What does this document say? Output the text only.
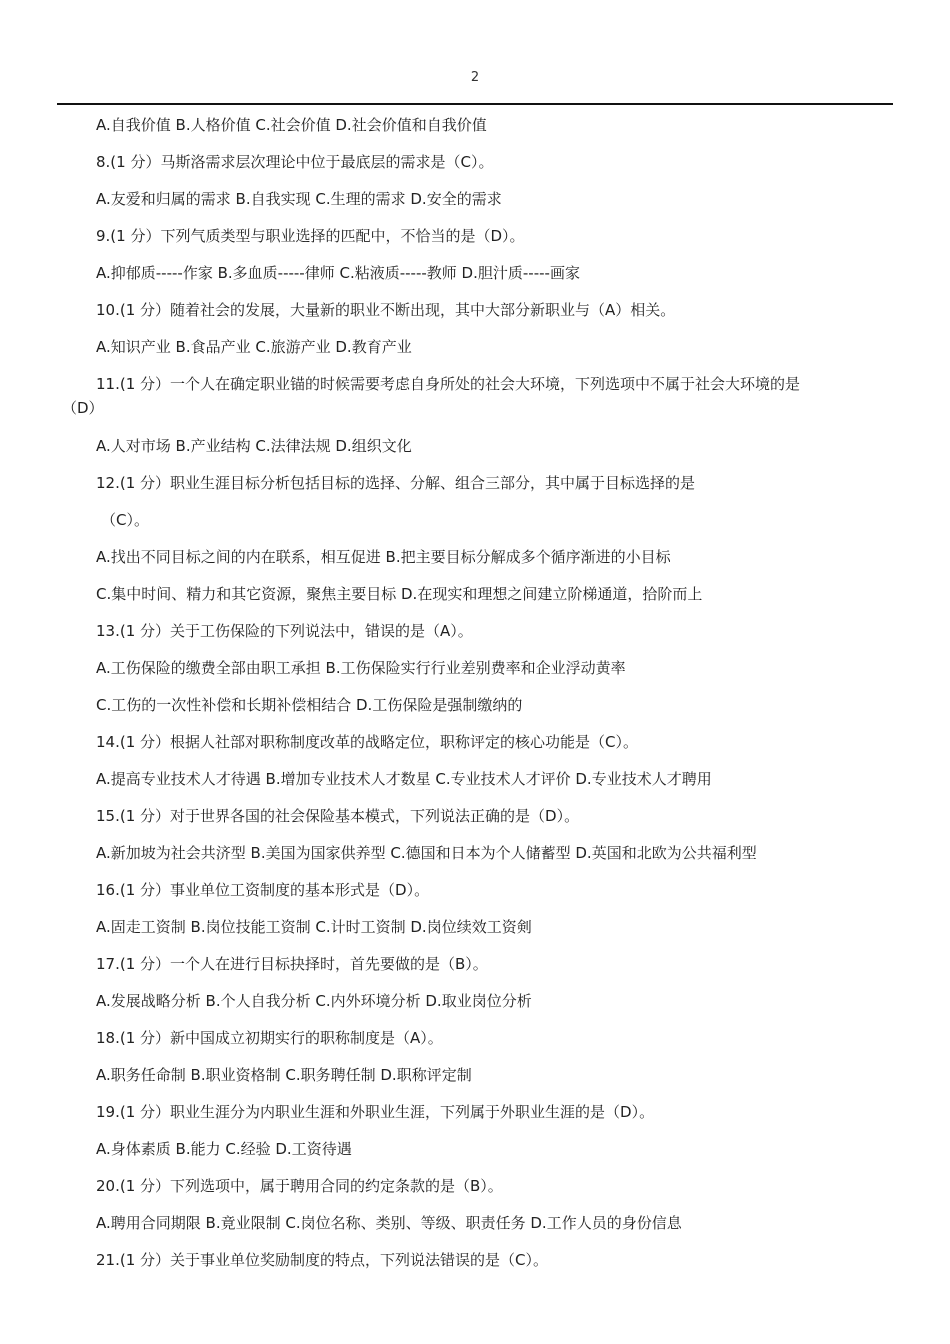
2
A.自我价值 B.人格价值 C.社会价值 D.社会价值和自我价值
8.(1 分）马斯洛需求层次理论中位于最底层的需求是（C）。
A.友爱和归属的需求 B.自我实现 C.生理的需求 D.安全的需求
9.(1 分）下列气质类型与职业选择的匹配中，不恰当的是（D）。
A.抑郁质-----作家 B.多血质-----律师 C.粘液质-----教师 D.胆汁质-----画家
10.(1 分）随着社会的发展，大量新的职业不断出现，其中大部分新职业与（A）相关。
A.知识产业 B.食品产业 C.旅游产业 D.教育产业
11.(1 分）一个人在确定职业锚的时候需要考虑自身所处的社会大环境，下列选项中不属于社会大环境的是
（D）
A.人对市场 B.产业结构 C.法律法规 D.组织文化
12.(1 分）职业生涯目标分析包括目标的选择、分解、组合三部分，其中属于目标选择的是
（C）。
A.找出不同目标之间的内在联系，相互促进 B.把主要目标分解成多个循序渐进的小目标
C.集中时间、精力和其它资源，聚焦主要目标 D.在现实和理想之间建立阶梯通道，拾阶而上
13.(1 分）关于工伤保险的下列说法中，错误的是（A）。
A.工伤保险的缴费全部由职工承担 B.工伤保险实行行业差别费率和企业浮动黄率
C.工伤的一次性补偿和长期补偿相结合 D.工伤保险是强制缴纳的
14.(1 分）根据人社部对职称制度改革的战略定位，职称评定的核心功能是（C）。
A.提高专业技术人才待遇 B.增加专业技术人才数星 C.专业技术人才评价 D.专业技术人才聘用
15.(1 分）对于世界各国的社会保险基本模式，下列说法正确的是（D）。
A.新加坡为社会共济型 B.美国为国家供养型 C.德国和日本为个人储蓄型 D.英国和北欧为公共福利型
16.(1 分）事业单位工资制度的基本形式是（D）。
A.固走工资制 B.岗位技能工资制 C.计时工资制 D.岗位续效工资剣
17.(1 分）一个人在进行目标抉择时，首先要做的是（B）。
A.发展战略分析 B.个人自我分析 C.内外环境分析 D.取业岗位分析
18.(1 分）新中国成立初期实行的职称制度是（A）。
A.职务任命制 B.职业资格制 C.职务聘任制 D.职称评定制
19.(1 分）职业生涯分为内职业生涯和外职业生涯，下列属于外职业生涯的是（D）。
A.身体素质 B.能力 C.经验 D.工资待遇
20.(1 分）下列选项中，属于聘用合同的约定条款的是（B）。
A.聘用合同期限 B.竟业限制 C.岗位名称、类别、等级、职责任务 D.工作人员的身份信息
21.(1 分）关于事业单位奖励制度的特点，下列说法错误的是（C）。
